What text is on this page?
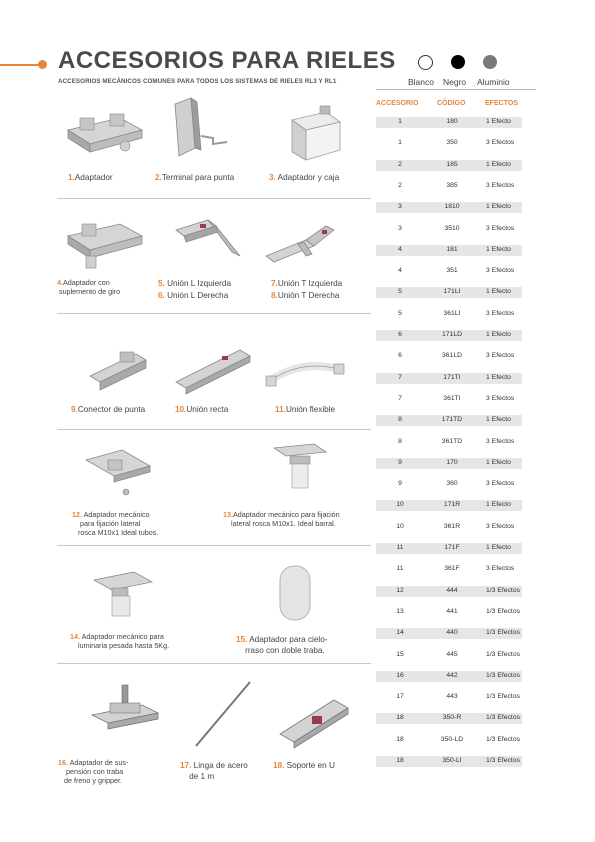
ACCESORIOS PARA RIELES
ACCESORIOS MECÁNICOS COMUNES PARA TODOS LOS SISTEMAS DE RIELES RL3 Y RL1	Blanco Negro Aluminio
ACCESORIO	CÓDIGO	EFECTOS
1	180	1 Efecto
1	350	3 Efectos
2	185	1 Efecto
2	385	3 Efectos
3	1810	1 Efecto
3	3510	3 Efectos
4	181	1 Efecto
4	351	3 Efectos
5	171LI	1 Efecto
5	361LI	3 Efectos
6	171LD	1 Efecto
6	361LD	3 Efectos
7	171TI	1 Efecto
7	361TI	3 Efectos
8	171TD	1 Efecto
8	361TD	3 Efectos
9	170	1 Efecto
9	360	3 Efectos
10	171R	1 Efecto
10	361R	3 Efectos
11	171F	1 Efecto
11	361F	3 Efectos
12	444	1/3 Efectos
13	441	1/3 Efectos
14	440	1/3 Efectos
15	445	1/3 Efectos
16	442	1/3 Efectos
17	443	1/3 Efectos
18	350-R	1/3 Efectos
18	350-LD	1/3 Efectos
18	350-LI	1/3 Efectos
1.Adaptador	2.Terminal para punta	3. Adaptador y caja
4.Adaptador con
suplemento de giro
5. Unión L Izquierda
6. Unión L Derecha
7.Unión T Izquierda
8.Unión T Derecha
9.Conector de punta	10.Unión recta	11.Unión flexible
12. Adaptador mecánico
para fijación lateral
rosca M10x1 Ideal tubos.
13.Adaptador mecánico para fijación
lateral rosca M10x1. Ideal barral.
14. Adaptador mecánico para
luminaria pesada hasta 5Kg.
15. Adaptador para cielo-
rraso con doble traba.
16. Adaptador de sus-
pensión con traba
de freno y gripper.
17. Linga de acero
de 1 m
18. Soporte en U
